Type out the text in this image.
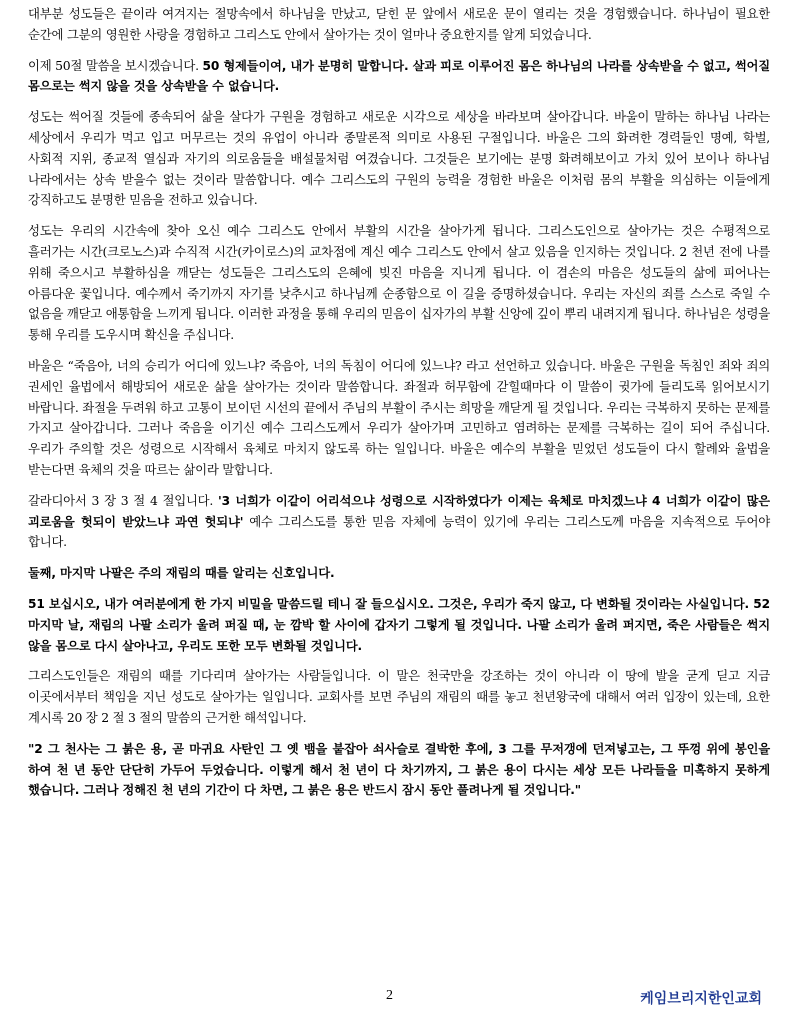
대부분 성도들은 끝이라 여겨지는 절망속에서 하나님을 만났고, 닫힌 문 앞에서 새로운 문이 열리는 것을 경험했습니다. 하나님이 필요한 순간에 그분의 영원한 사랑을 경험하고 그리스도 안에서 살아가는 것이 얼마나 중요한지를 알게 되었습니다.

이제 50절 말씀을 보시겠습니다. 50 형제들이여, 내가 분명히 말합니다. 살과 피로 이루어진 몸은 하나님의 나라를 상속받을 수 없고, 썩어질 몸으로는 썩지 않을 것을 상속받을 수 없습니다.

성도는 썩어질 것들에 종속되어 삶을 살다가 구원을 경험하고 새로운 시각으로 세상을 바라보며 살아갑니다. 바울이 말하는 하나님 나라는 세상에서 우리가 먹고 입고 머무르는 것의 유업이 아니라 종말론적 의미로 사용된 구절입니다. 바울은 그의 화려한 경력들인 명예, 학벌, 사회적 지위, 종교적 열심과 자기의 의로움들을 배설물처럼 여겼습니다. 그것들은 보기에는 분명 화려해보이고 가치 있어 보이나 하나님 나라에서는 상속 받을수 없는 것이라 말씀합니다. 예수 그리스도의 구원의 능력을 경험한 바울은 이처럼 몸의 부활을 의심하는 이들에게 강직하고도 분명한 믿음을 전하고 있습니다.

성도는 우리의 시간속에 찾아 오신 예수 그리스도 안에서 부활의 시간을 살아가게 됩니다. 그리스도인으로 살아가는 것은 수평적으로 흘러가는 시간(크로노스)과 수직적 시간(카이로스)의 교차점에 계신 예수 그리스도 안에서 살고 있음을 인지하는 것입니다. 2 천년 전에 나를 위해 죽으시고 부활하심을 깨닫는 성도들은 그리스도의 은혜에 빚진 마음을 지니게 됩니다. 이 겸손의 마음은 성도들의 삶에 피어나는 아름다운 꽃입니다. 예수께서 죽기까지 자기를 낮추시고 하나님께 순종함으로 이 길을 증명하셨습니다. 우리는 자신의 죄를 스스로 죽일 수 없음을 깨닫고 애통함을 느끼게 됩니다. 이러한 과정을 통해 우리의 믿음이 십자가의 부활 신앙에 깊이 뿌리 내려지게 됩니다. 하나님은 성령을 통해 우리를 도우시며 확신을 주십니다.

바울은 “죽음아, 너의 승리가 어디에 있느냐? 죽음아, 너의 독침이 어디에 있느냐? 라고 선언하고 있습니다. 바울은 구원을 독침인 죄와 죄의 권세인 율법에서 해방되어 새로운 삶을 살아가는 것이라 말씀합니다. 좌절과 허무함에 갇힐때마다 이 말씀이 귓가에 들리도록 읽어보시기 바랍니다. 좌절을 두려워 하고 고통이 보이던 시선의 끝에서 주님의 부활이 주시는 희망을 깨닫게 될 것입니다. 우리는 극복하지 못하는 문제를 가지고 살아갑니다. 그러나 죽음을 이기신 예수 그리스도께서 우리가 살아가며 고민하고 염려하는 문제를 극복하는 길이 되어 주십니다. 우리가 주의할 것은 성령으로 시작해서 육체로 마치지 않도록 하는 일입니다. 바울은 예수의 부활을 믿었던 성도들이 다시 할례와 율법을 받는다면 육체의 것을 따르는 삶이라 말합니다.

갈라디아서 3 장 3 절 4 절입니다. '3 너희가 이같이 어리석으냐 성령으로 시작하였다가 이제는 육체로 마치겠느냐 4 너희가 이같이 많은 괴로움을 헛되이 받았느냐 과연 헛되냐' 예수 그리스도를 통한 믿음 자체에 능력이 있기에 우리는 그리스도께 마음을 지속적으로 두어야 합니다.

둘째, 마지막 나팔은 주의 재림의 때를 알리는 신호입니다.

51 보십시오, 내가 여러분에게 한 가지 비밀을 말씀드릴 테니 잘 들으십시오. 그것은, 우리가 죽지 않고, 다 변화될 것이라는 사실입니다. 52 마지막 날, 재림의 나팔 소리가 울려 퍼질 때, 눈 깜박 할 사이에 갑자기 그렇게 될 것입니다. 나팔 소리가 울려 퍼지면, 죽은 사람들은 썩지 않을 몸으로 다시 살아나고, 우리도 또한 모두 변화될 것입니다.

그리스도인들은 재림의 때를 기다리며 살아가는 사람들입니다. 이 말은 천국만을 강조하는 것이 아니라 이 땅에 발을 굳게 딛고 지금 이곳에서부터 책임을 지닌 성도로 살아가는 일입니다. 교회사를 보면 주님의 재림의 때를 놓고 천년왕국에 대해서 여러 입장이 있는데, 요한 계시록 20 장 2 절 3 절의 말씀의 근거한 해석입니다.

"2 그 천사는 그 붉은 용, 곧 마귀요 사탄인 그 옛 뱀을 붙잡아 쇠사슬로 결박한 후에, 3 그를 무저갱에 던져넣고는, 그 뚜껑 위에 봉인을 하여 천 년 동안 단단히 가두어 두었습니다. 이렇게 해서 천 년이 다 차기까지, 그 붉은 용이 다시는 세상 모든 나라들을 미혹하지 못하게 했습니다. 그러나 정해진 천 년의 기간이 다 차면, 그 붉은 용은 반드시 잠시 동안 풀려나게 될 것입니다."

2	케임브리지한인교회
